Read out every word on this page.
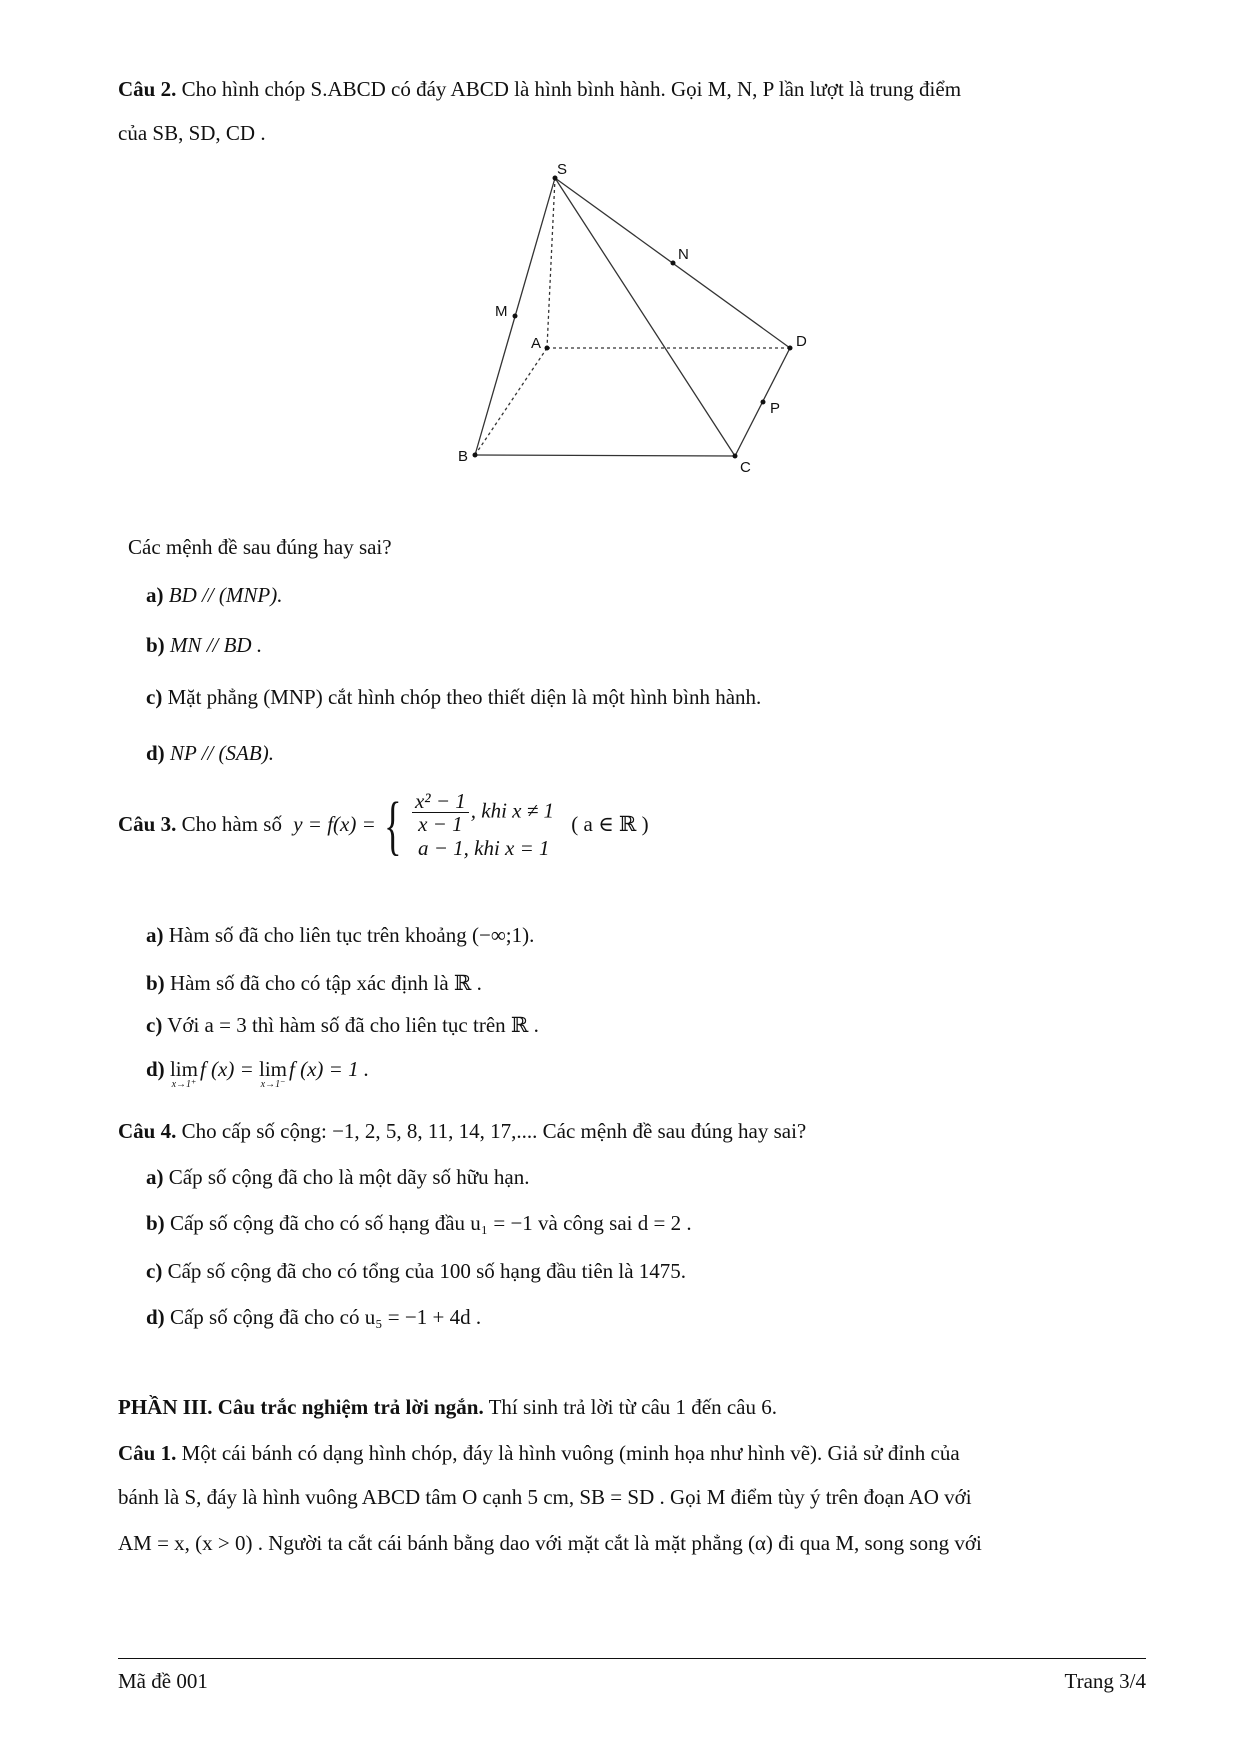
Câu 2. Cho hình chóp S.ABCD có đáy ABCD là hình bình hành. Gọi M, N, P lần lượt là trung điểm
của SB, SD, CD .
S
M
N
A	D
P
B
C
Các mệnh đề sau đúng hay sai?
a) BD // (MNP).
b) MN // BD .
c) Mặt phẳng (MNP) cắt hình chóp theo thiết diện là một hình bình hành.
d) NP // (SAB).
Câu 3. Cho hàm số y = f(x) = { $\frac{\text{x² − 1}}{x - 1}$ , khi x ≠ 1
a − 1, khi x = 1
( a ∈ ℝ )
a) Hàm số đã cho liên tục trên khoảng (−∞;1).
b) Hàm số đã cho có tập xác định là ℝ .
c) Với a = 3 thì hàm số đã cho liên tục trên ℝ .
d) lim
x→1⁺
f (x) = lim
x→1⁻
f (x) = 1 .
Câu 4. Cho cấp số cộng: −1, 2, 5, 8, 11, 14, 17,.... Các mệnh đề sau đúng hay sai?
a) Cấp số cộng đã cho là một dãy số hữu hạn.
b) Cấp số cộng đã cho có số hạng đầu u₁ = −1 và công sai d = 2 .
c) Cấp số cộng đã cho có tổng của 100 số hạng đầu tiên là 1475.
d) Cấp số cộng đã cho có u₅ = −1 + 4d .
PHẦN III. Câu trắc nghiệm trả lời ngắn. Thí sinh trả lời từ câu 1 đến câu 6.
Câu 1. Một cái bánh có dạng hình chóp, đáy là hình vuông (minh họa như hình vẽ). Giả sử đỉnh của
bánh là S, đáy là hình vuông ABCD tâm O cạnh 5 cm, SB = SD . Gọi M điểm tùy ý trên đoạn AO với
AM = x, (x > 0) . Người ta cắt cái bánh bằng dao với mặt cắt là mặt phẳng (α) đi qua M, song song với
Mã đề 001	Trang 3/4
